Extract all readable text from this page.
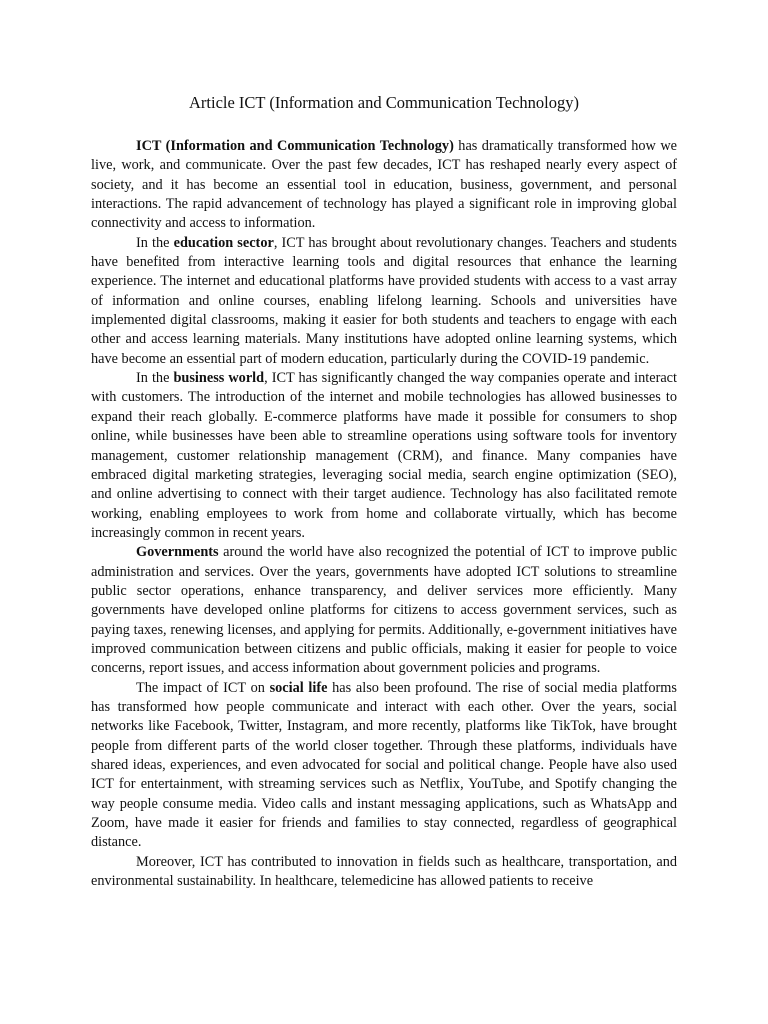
Article ICT (Information and Communication Technology)

ICT (Information and Communication Technology) has dramatically transformed how we live, work, and communicate. Over the past few decades, ICT has reshaped nearly every aspect of society, and it has become an essential tool in education, business, government, and personal interactions. The rapid advancement of technology has played a significant role in improving global connectivity and access to information.

In the education sector, ICT has brought about revolutionary changes. Teachers and students have benefited from interactive learning tools and digital resources that enhance the learning experience. The internet and educational platforms have provided students with access to a vast array of information and online courses, enabling lifelong learning. Schools and universities have implemented digital classrooms, making it easier for both students and teachers to engage with each other and access learning materials. Many institutions have adopted online learning systems, which have become an essential part of modern education, particularly during the COVID-19 pandemic.

In the business world, ICT has significantly changed the way companies operate and interact with customers. The introduction of the internet and mobile technologies has allowed businesses to expand their reach globally. E-commerce platforms have made it possible for consumers to shop online, while businesses have been able to streamline operations using software tools for inventory management, customer relationship management (CRM), and finance. Many companies have embraced digital marketing strategies, leveraging social media, search engine optimization (SEO), and online advertising to connect with their target audience. Technology has also facilitated remote working, enabling employees to work from home and collaborate virtually, which has become increasingly common in recent years.

Governments around the world have also recognized the potential of ICT to improve public administration and services. Over the years, governments have adopted ICT solutions to streamline public sector operations, enhance transparency, and deliver services more efficiently. Many governments have developed online platforms for citizens to access government services, such as paying taxes, renewing licenses, and applying for permits. Additionally, e-government initiatives have improved communication between citizens and public officials, making it easier for people to voice concerns, report issues, and access information about government policies and programs.

The impact of ICT on social life has also been profound. The rise of social media platforms has transformed how people communicate and interact with each other. Over the years, social networks like Facebook, Twitter, Instagram, and more recently, platforms like TikTok, have brought people from different parts of the world closer together. Through these platforms, individuals have shared ideas, experiences, and even advocated for social and political change. People have also used ICT for entertainment, with streaming services such as Netflix, YouTube, and Spotify changing the way people consume media. Video calls and instant messaging applications, such as WhatsApp and Zoom, have made it easier for friends and families to stay connected, regardless of geographical distance.

Moreover, ICT has contributed to innovation in fields such as healthcare, transportation, and environmental sustainability. In healthcare, telemedicine has allowed patients to receive
